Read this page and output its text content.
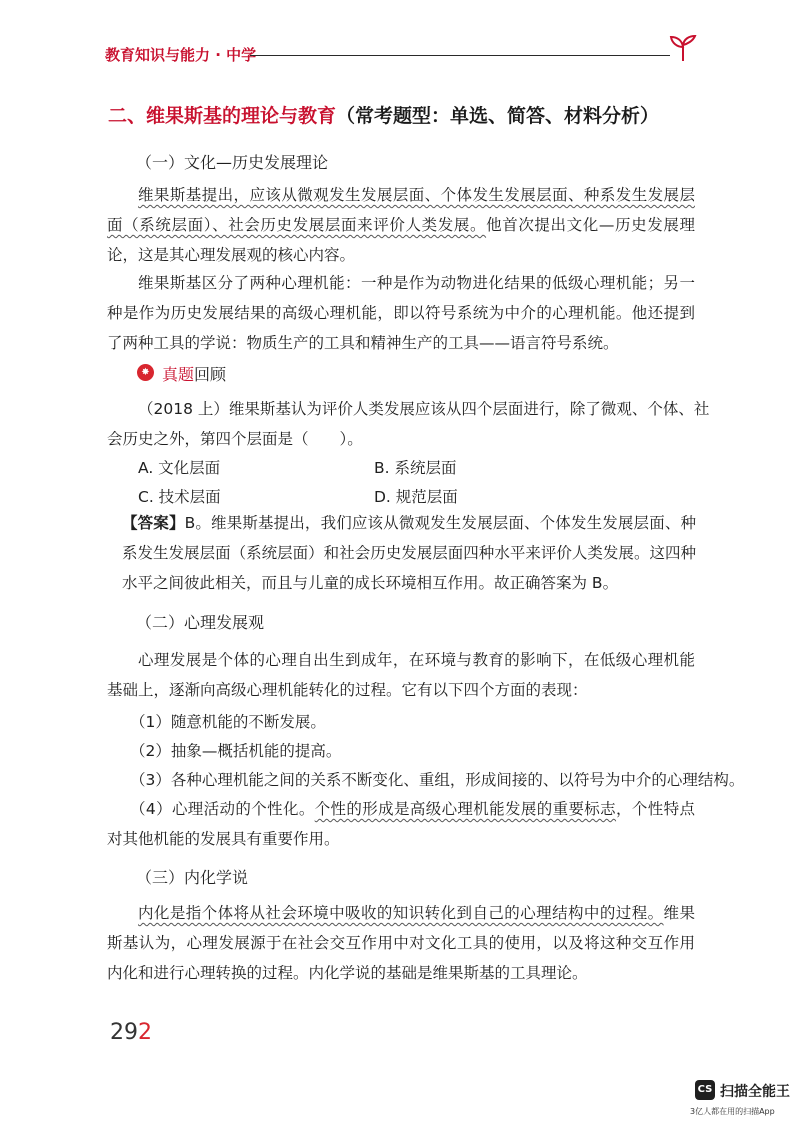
教育知识与能力 · 中学
二、维果斯基的理论与教育（常考题型：单选、简答、材料分析）
（一）文化—历史发展理论

维果斯基提出，应该从微观发生发展层面、个体发生发展层面、种系发生发展层面（系统层面）、社会历史发展层面来评价人类发展。他首次提出文化—历史发展理论，这是其心理发展观的核心内容。

维果斯基区分了两种心理机能：一种是作为动物进化结果的低级心理机能；另一种是作为历史发展结果的高级心理机能，即以符号系统为中介的心理机能。他还提到了两种工具的学说：物质生产的工具和精神生产的工具——语言符号系统。

✸ 真题回顾
（2018 上）维果斯基认为评价人类发展应该从四个层面进行，除了微观、个体、社
会历史之外，第四个层面是（　　）。
A. 文化层面	B. 系统层面
C. 技术层面	D. 规范层面

【答案】B。维果斯基提出，我们应该从微观发生发展层面、个体发生发展层面、种系发生发展层面（系统层面）和社会历史发展层面四种水平来评价人类发展。这四种水平之间彼此相关，而且与儿童的成长环境相互作用。故正确答案为 B。

（二）心理发展观

心理发展是个体的心理自出生到成年，在环境与教育的影响下，在低级心理机能基础上，逐渐向高级心理机能转化的过程。它有以下四个方面的表现：

（1）随意机能的不断发展。
（2）抽象—概括机能的提高。
（3）各种心理机能之间的关系不断变化、重组，形成间接的、以符号为中介的心理结构。

（4）心理活动的个性化。个性的形成是高级心理机能发展的重要标志，个性特点对其他机能的发展具有重要作用。

（三）内化学说

内化是指个体将从社会环境中吸收的知识转化到自己的心理结构中的过程。维果斯基认为，心理发展源于在社会交互作用中对文化工具的使用，以及将这种交互作用内化和进行心理转换的过程。内化学说的基础是维果斯基的工具理论。

292
CS 扫描全能王
3亿人都在用的扫描App
